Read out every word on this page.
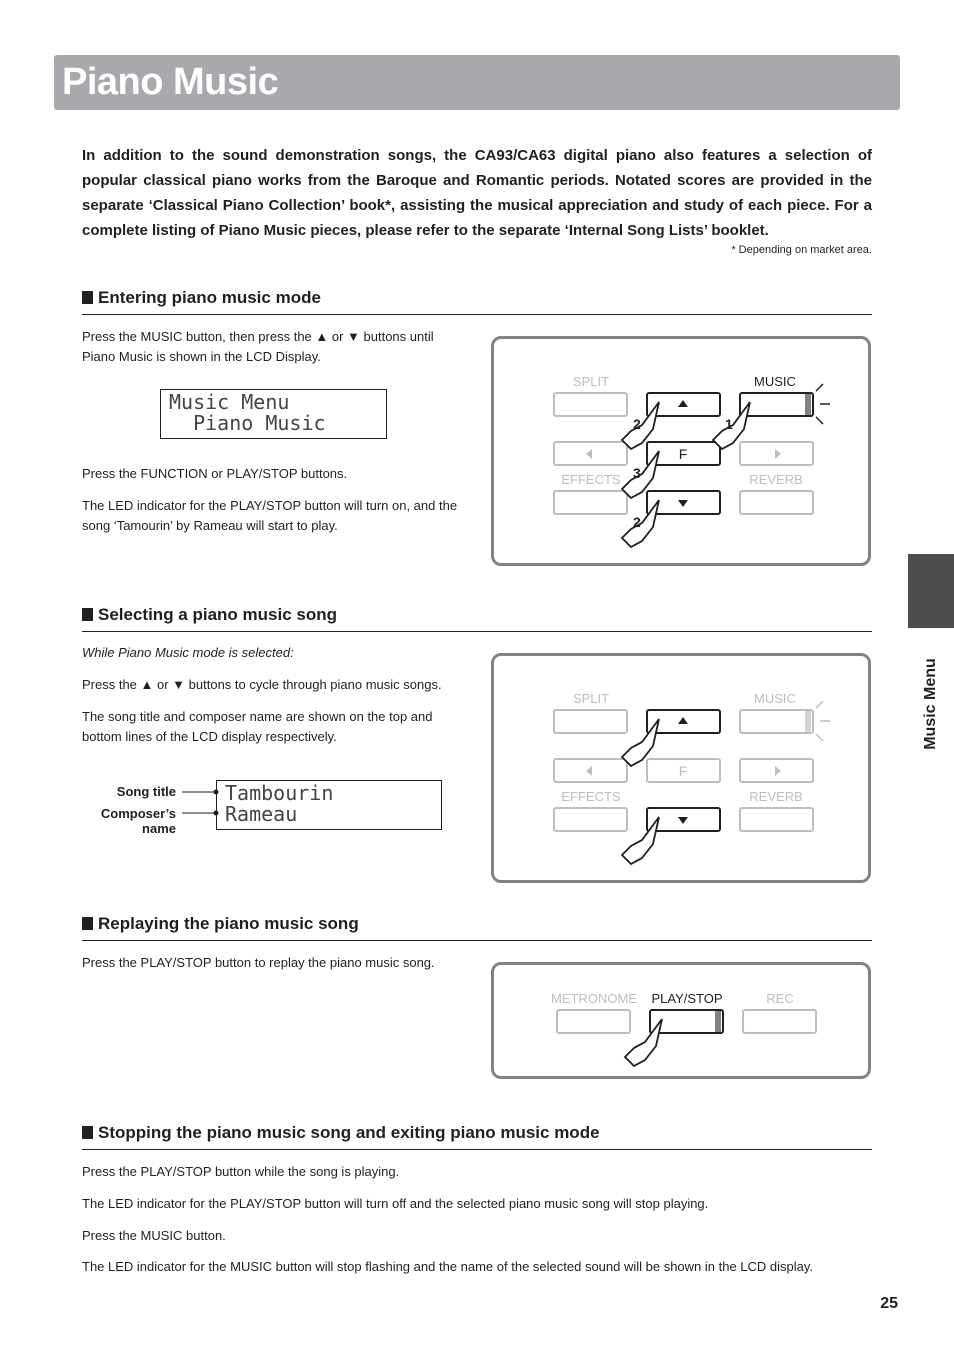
Piano Music
In addition to the sound demonstration songs, the CA93/CA63 digital piano also features a selection of popular classical piano works from the Baroque and Romantic periods. Notated scores are provided in the separate ‘Classical Piano Collection’ book*, assisting the musical appreciation and study of each piece. For a complete listing of Piano Music pieces, please refer to the separate ‘Internal Song Lists’ booklet.
* Depending on market area.
Music Menu
Entering piano music mode
Press the MUSIC button, then press the ▲ or ▼ buttons until Piano Music is shown in the LCD Display.
Music Menu
Piano Music
Press the FUNCTION or PLAY/STOP buttons.
The LED indicator for the PLAY/STOP button will turn on, and the song ‘Tamourin’ by Rameau will start to play.
SPLIT	MUSIC
F
EFFECTS	REVERB
2	1
3
2
Selecting a piano music song
While Piano Music mode is selected:
Press the ▲ or ▼ buttons to cycle through piano music songs.
The song title and composer name are shown on the top and bottom lines of the LCD display respectively.
Song title
Composer’s name
Tambourin
Rameau
SPLIT	MUSIC
F
EFFECTS	REVERB
Replaying the piano music song
Press the PLAY/STOP button to replay the piano music song.
METRONOME PLAY/STOP	REC
Stopping the piano music song and exiting piano music mode
Press the PLAY/STOP button while the song is playing.
The LED indicator for the PLAY/STOP button will turn off and the selected piano music song will stop playing.
Press the MUSIC button.
The LED indicator for the MUSIC button will stop flashing and the name of the selected sound will be shown in the LCD display.
25
